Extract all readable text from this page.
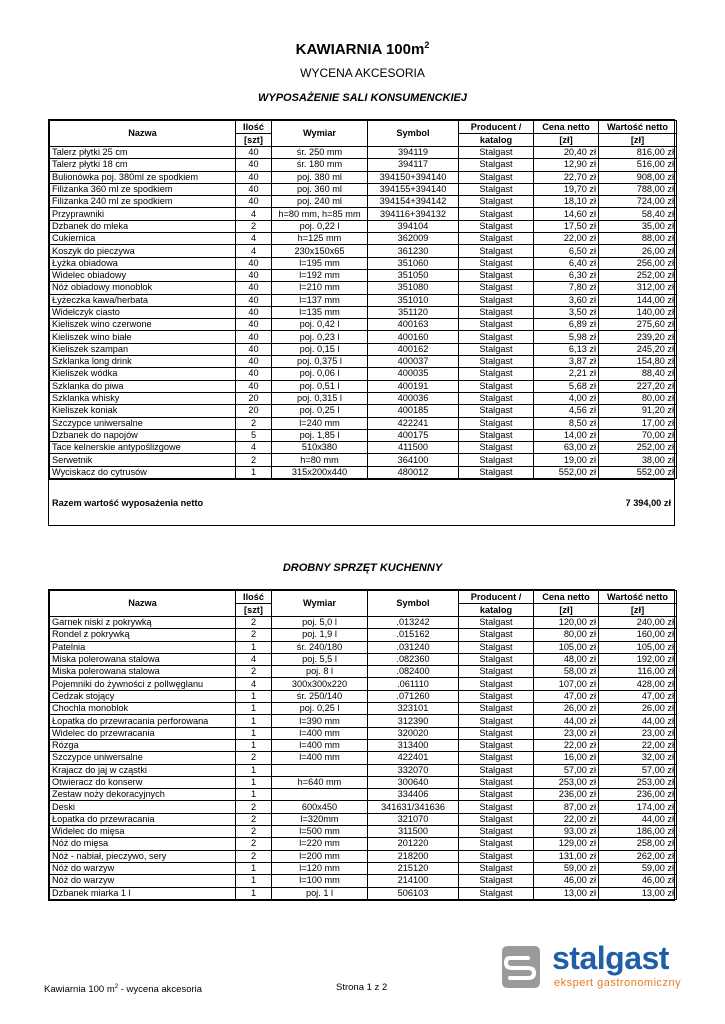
KAWIARNIA $100m^2$
WYCENA AKCESORIA
WYPOSAŻENIE SALI KONSUMENCKIEJ
Nazwa	Ilość	Wymiar	Symbol	Producent /	Cena netto	Wartość netto
	[szt]			katalog	[zł]	[zł]
Talerz płytki 25 cm	40	śr. 250 mm	394119	Stalgast	20,40 zł	816,00 zł
Talerz płytki 18 cm	40	śr. 180 mm	394117	Stalgast	12,90 zł	516,00 zł
Bulionówka poj. 380ml ze spodkiem	40	poj. 380 ml	394150+394140	Stalgast	22,70 zł	908,00 zł
Filiżanka 360 ml ze spodkiem	40	poj. 360 ml	394155+394140	Stalgast	19,70 zł	788,00 zł
Filiżanka 240 ml ze spodkiem	40	poj. 240 ml	394154+394142	Stalgast	18,10 zł	724,00 zł
Przyprawniki	4	h=80 mm, h=85 mm	394116+394132	Stalgast	14,60 zł	58,40 zł
Dzbanek do mleka	2	poj. 0,22 l	394104	Stalgast	17,50 zł	35,00 zł
Cukiernica	4	h=125 mm	362009	Stalgast	22,00 zł	88,00 zł
Koszyk do pieczywa	4	230x150x65	361230	Stalgast	6,50 zł	26,00 zł
Łyżka obiadowa	40	l=195 mm	351060	Stalgast	6,40 zł	256,00 zł
Widelec obiadowy	40	l=192 mm	351050	Stalgast	6,30 zł	252,00 zł
Nóż obiadowy monoblok	40	l=210 mm	351080	Stalgast	7,80 zł	312,00 zł
Łyżeczka kawa/herbata	40	l=137 mm	351010	Stalgast	3,60 zł	144,00 zł
Widelczyk ciasto	40	l=135 mm	351120	Stalgast	3,50 zł	140,00 zł
Kieliszek wino czerwone	40	poj. 0,42 l	400163	Stalgast	6,89 zł	275,60 zł
Kieliszek wino białe	40	poj. 0,23 l	400160	Stalgast	5,98 zł	239,20 zł
Kieliszek szampan	40	poj. 0,15 l	400162	Stalgast	6,13 zł	245,20 zł
Szklanka long drink	40	poj. 0,375 l	400037	Stalgast	3,87 zł	154,80 zł
Kieliszek wódka	40	poj. 0,06 l	400035	Stalgast	2,21 zł	88,40 zł
Szklanka do piwa	40	poj. 0,51 l	400191	Stalgast	5,68 zł	227,20 zł
Szklanka whisky	20	poj. 0,315 l	400036	Stalgast	4,00 zł	80,00 zł
Kieliszek koniak	20	poj. 0,25 l	400185	Stalgast	4,56 zł	91,20 zł
Szczypce uniwersalne	2	l=240 mm	422241	Stalgast	8,50 zł	17,00 zł
Dzbanek do napojów	5	poj. 1,85 l	400175	Stalgast	14,00 zł	70,00 zł
Tace kelnerskie antypoślizgowe	4	510x380	411500	Stalgast	63,00 zł	252,00 zł
Serwetnik	2	h=80 mm	364100	Stalgast	19,00 zł	38,00 zł
Wyciskacz do cytrusów	1	315x200x440	480012	Stalgast	552,00 zł	552,00 zł
Razem wartość wyposażenia netto	7 394,00 zł
DROBNY SPRZĘT KUCHENNY
Nazwa	Ilość	Wymiar	Symbol	Producent /	Cena netto	Wartość netto
	[szt]			katalog	[zł]	[zł]
Garnek niski z pokrywką	2	poj. 5,0 l	.013242	Stalgast	120,00 zł	240,00 zł
Rondel z pokrywką	2	poj. 1,9 l	.015162	Stalgast	80,00 zł	160,00 zł
Patelnia	1	śr. 240/180	.031240	Stalgast	105,00 zł	105,00 zł
Miska polerowana stalowa	4	poj. 5,5 l	.082360	Stalgast	48,00 zł	192,00 zł
Miska polerowana stalowa	2	poj. 8 l	.082400	Stalgast	58,00 zł	116,00 zł
Pojemniki do żywności z polIwęglanu	4	300x300x220	.061110	Stalgast	107,00 zł	428,00 zł
Cedzak stojący	1	śr. 250/140	.071260	Stalgast	47,00 zł	47,00 zł
Chochla monoblok	1	poj. 0,25 l	323101	Stalgast	26,00 zł	26,00 zł
Łopatka do przewracania perforowana	1	l=390 mm	312390	Stalgast	44,00 zł	44,00 zł
Widelec do przewracania	1	l=400 mm	320020	Stalgast	23,00 zł	23,00 zł
Rózga	1	l=400 mm	313400	Stalgast	22,00 zł	22,00 zł
Szczypce uniwersalne	2	l=400 mm	422401	Stalgast	16,00 zł	32,00 zł
Krajacz do jaj w cząstki	1		332070	Stalgast	57,00 zł	57,00 zł
Otwieracz do konserw	1	h=640 mm	300640	Stalgast	253,00 zł	253,00 zł
Zestaw noży dekoracyjnych	1		334406	Stalgast	236,00 zł	236,00 zł
Deski	2	600x450	341631/341636	Stalgast	87,00 zł	174,00 zł
Łopatka do przewracania	2	l=320mm	321070	Stalgast	22,00 zł	44,00 zł
Widelec do mięsa	2	l=500 mm	311500	Stalgast	93,00 zł	186,00 zł
Nóż do mięsa	2	l=220 mm	201220	Stalgast	129,00 zł	258,00 zł
Nóż - nabiał, pieczywo, sery	2	l=200 mm	218200	Stalgast	131,00 zł	262,00 zł
Nóż do warzyw	1	l=120 mm	215120	Stalgast	59,00 zł	59,00 zł
Nóż do warzyw	1	l=100 mm	214100	Stalgast	46,00 zł	46,00 zł
Dzbanek miarka 1 l	1	poj. 1 l	506103	Stalgast	13,00 zł	13,00 zł
Kawiarnia 100 $m^2$ - wycena akcesoria	Strona 1 z 2
stalgast
ekspert gastronomiczny
